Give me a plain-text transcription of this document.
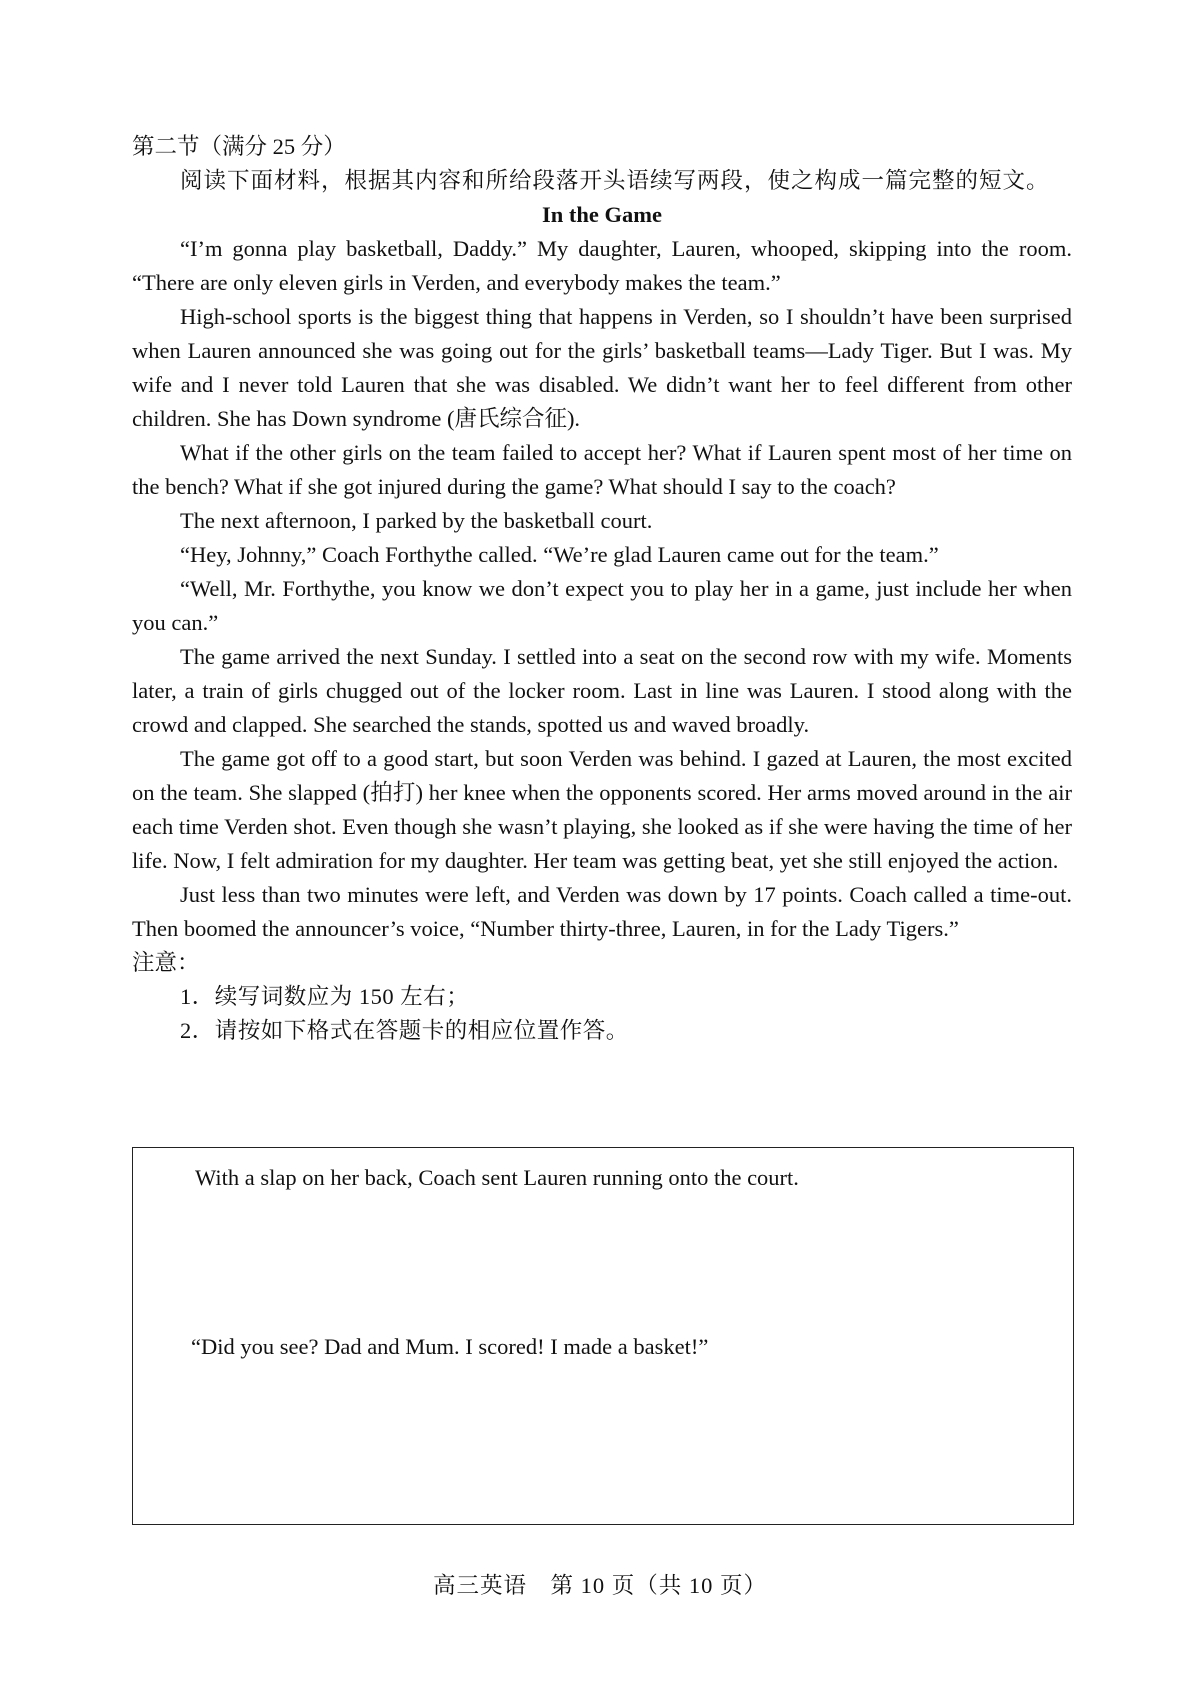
第二节（满分 25 分）

阅读下面材料，根据其内容和所给段落开头语续写两段，使之构成一篇完整的短文。

In the Game

“I’m gonna play basketball, Daddy.” My daughter, Lauren, whooped, skipping into the room. “There are only eleven girls in Verden, and everybody makes the team.”

High-school sports is the biggest thing that happens in Verden, so I shouldn’t have been surprised when Lauren announced she was going out for the girls’ basketball teams—Lady Tiger. But I was. My wife and I never told Lauren that she was disabled. We didn’t want her to feel different from other children. She has Down syndrome (唐氏综合征).

What if the other girls on the team failed to accept her? What if Lauren spent most of her time on the bench? What if she got injured during the game? What should I say to the coach?

The next afternoon, I parked by the basketball court.

“Hey, Johnny,” Coach Forthythe called. “We’re glad Lauren came out for the team.”

“Well, Mr. Forthythe, you know we don’t expect you to play her in a game, just include her when you can.”

The game arrived the next Sunday. I settled into a seat on the second row with my wife. Moments later, a train of girls chugged out of the locker room. Last in line was Lauren. I stood along with the crowd and clapped. She searched the stands, spotted us and waved broadly.

The game got off to a good start, but soon Verden was behind. I gazed at Lauren, the most excited on the team. She slapped (拍打) her knee when the opponents scored. Her arms moved around in the air each time Verden shot. Even though she wasn’t playing, she looked as if she were having the time of her life. Now, I felt admiration for my daughter. Her team was getting beat, yet she still enjoyed the action.

Just less than two minutes were left, and Verden was down by 17 points. Coach called a time-out. Then boomed the announcer’s voice, “Number thirty-three, Lauren, in for the Lady Tigers.”

注意：

1．续写词数应为 150 左右；

2．请按如下格式在答题卡的相应位置作答。

With a slap on her back, Coach sent Lauren running onto the court.

“Did you see? Dad and Mum. I scored! I made a basket!”

高三英语　第 10 页（共 10 页）
